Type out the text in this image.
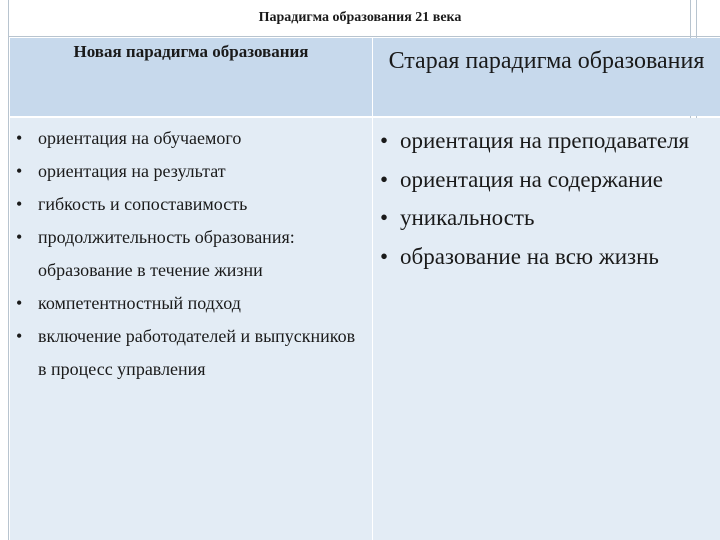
Парадигма образования 21 века
Новая парадигма образования
• ориентация на обучаемого
• ориентация на результат
• гибкость и сопоставимость
• продолжительность образования: образование в течение жизни
• компетентностный подход
• включение работодателей и выпускников в процесс управления
Старая парадигма образования
• ориентация на преподавателя
• ориентация на содержание
• уникальность
• образование на всю жизнь
